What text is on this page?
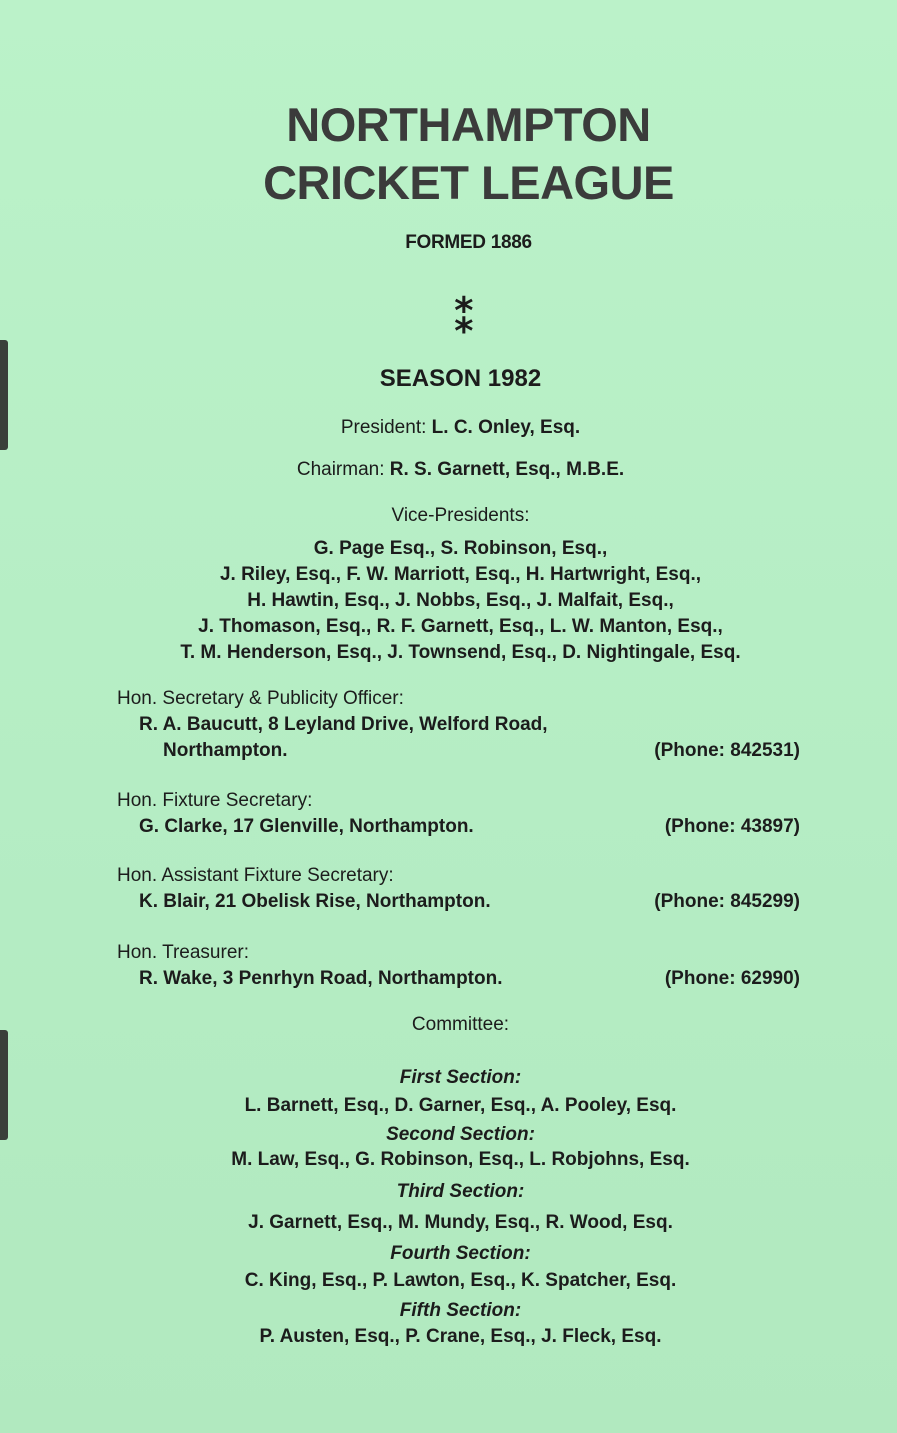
NORTHAMPTON
CRICKET LEAGUE
FORMED 1886
⁑
SEASON 1982
President: L. C. Onley, Esq.
Chairman: R. S. Garnett, Esq., M.B.E.
Vice-Presidents:
G. Page Esq., S. Robinson, Esq.,
J. Riley, Esq., F. W. Marriott, Esq., H. Hartwright, Esq.,
H. Hawtin, Esq., J. Nobbs, Esq., J. Malfait, Esq.,
J. Thomason, Esq., R. F. Garnett, Esq., L. W. Manton, Esq.,
T. M. Henderson, Esq., J. Townsend, Esq., D. Nightingale, Esq.
Hon. Secretary & Publicity Officer:
R. A. Baucutt, 8 Leyland Drive, Welford Road,
Northampton.	(Phone: 842531)
Hon. Fixture Secretary:
G. Clarke, 17 Glenville, Northampton.	(Phone: 43897)
Hon. Assistant Fixture Secretary:
K. Blair, 21 Obelisk Rise, Northampton.	(Phone: 845299)
Hon. Treasurer:
R. Wake, 3 Penrhyn Road, Northampton.	(Phone: 62990)
Committee:
First Section:
L. Barnett, Esq., D. Garner, Esq., A. Pooley, Esq.
Second Section:
M. Law, Esq., G. Robinson, Esq., L. Robjohns, Esq.
Third Section:
J. Garnett, Esq., M. Mundy, Esq., R. Wood, Esq.
Fourth Section:
C. King, Esq., P. Lawton, Esq., K. Spatcher, Esq.
Fifth Section:
P. Austen, Esq., P. Crane, Esq., J. Fleck, Esq.
